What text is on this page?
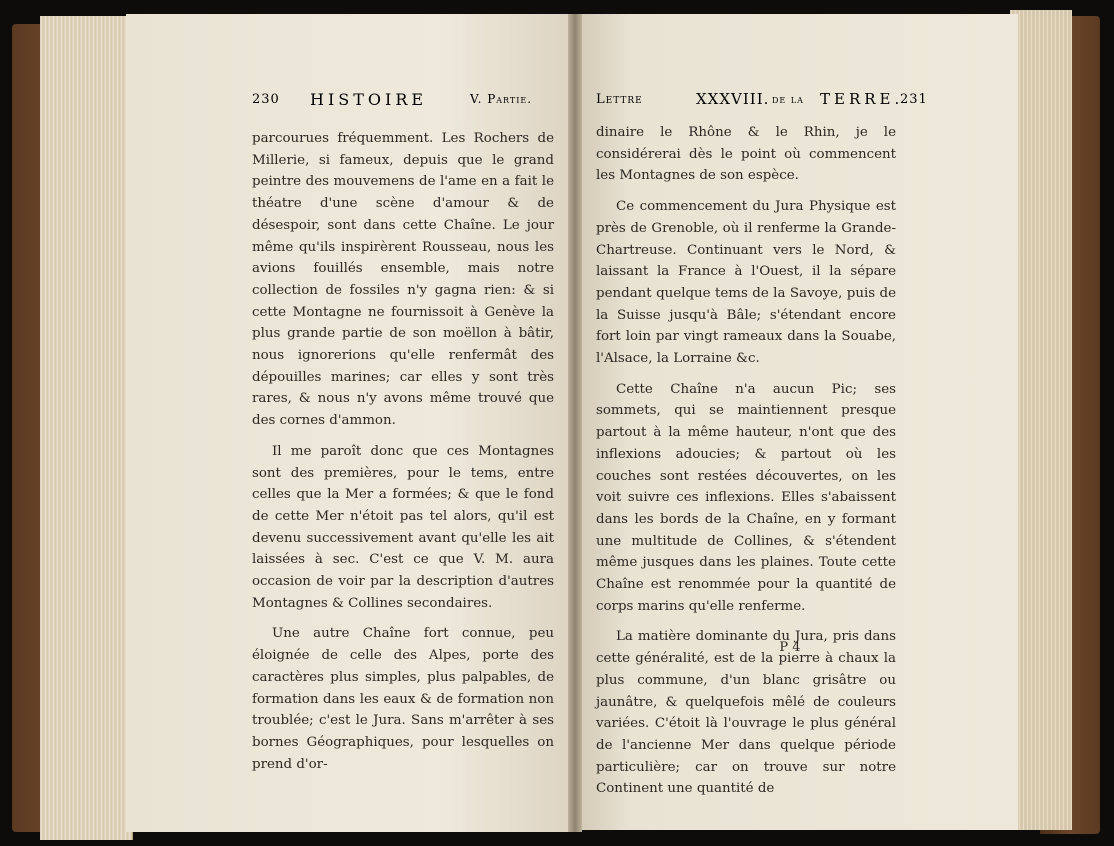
230 HISTOIRE	V. Partie.	Lettre	XXXVIII. de la TERRE.
231

parcourues fréquemment. Les Rochers de Millerie, si fameux, depuis que le grand peintre des mouvemens de l'ame en a fait le théatre d'une scène d'amour & de désespoir, sont dans cette Chaîne. Le jour même qu'ils inspirèrent Rousseau, nous les avions fouillés ensemble, mais notre collection de fossiles n'y gagna rien: & si cette Montagne ne fournissoit à Genève la plus grande partie de son moëllon à bâtir, nous ignorerions qu'elle renfermât des dépouilles marines; car elles y sont très rares, & nous n'y avons même trouvé que des cornes d'ammon.

Il me paroît donc que ces Montagnes sont des premières, pour le tems, entre celles que la Mer a formées; & que le fond de cette Mer n'étoit pas tel alors, qu'il est devenu successivement avant qu'elle les ait laissées à sec. C'est ce que V. M. aura occasion de voir par la description d'autres Montagnes & Collines secondaires.

Une autre Chaîne fort connue, peu éloignée de celle des Alpes, porte des caractères plus simples, plus palpables, de formation dans les eaux & de formation non troublée; c'est le Jura. Sans m'arrêter à ses bornes Géographiques, pour lesquelles on prend d'or-

dinaire le Rhône & le Rhin, je le considérerai dès le point où commencent les Montagnes de son espèce.

Ce commencement du Jura Physique est près de Grenoble, où il renferme la Grande-Chartreuse. Continuant vers le Nord, & laissant la France à l'Ouest, il la sépare pendant quelque tems de la Savoye, puis de la Suisse jusqu'à Bâle; s'étendant encore fort loin par vingt rameaux dans la Souabe, l'Alsace, la Lorraine &c.

Cette Chaîne n'a aucun Pic; ses sommets, qui se maintiennent presque partout à la même hauteur, n'ont que des inflexions adoucies; & partout où les couches sont restées découvertes, on les voit suivre ces inflexions. Elles s'abaissent dans les bords de la Chaîne, en y formant une multitude de Collines, & s'étendent même jusques dans les plaines. Toute cette Chaîne est renommée pour la quantité de corps marins qu'elle renferme.

La matière dominante du Jura, pris dans cette généralité, est de la pierre à chaux la plus commune, d'un blanc grisâtre ou jaunâtre, & quelquefois mêlé de couleurs variées. C'étoit là l'ouvrage le plus général de l'ancienne Mer dans quelque période particulière; car on trouve sur notre Continent une quantité de

P 4
